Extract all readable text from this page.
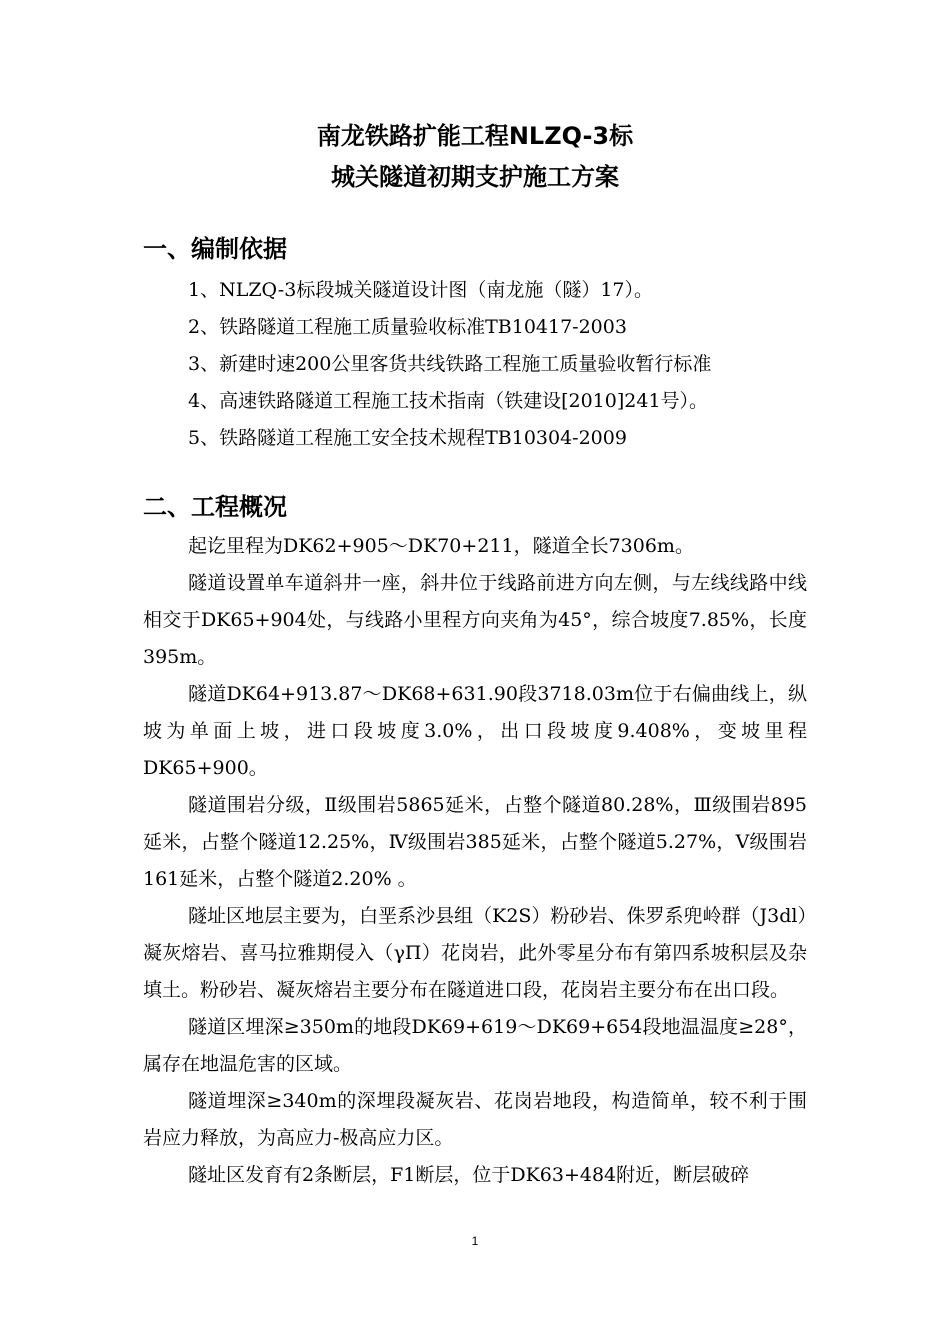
南龙铁路扩能工程NLZQ-3标
城关隧道初期支护施工方案
一、编制依据
1、NLZQ-3标段城关隧道设计图（南龙施（隧）17）。
2、铁路隧道工程施工质量验收标准TB10417-2003
3、新建时速200公里客货共线铁路工程施工质量验收暂行标准
4、高速铁路隧道工程施工技术指南（铁建设[2010]241号）。
5、铁路隧道工程施工安全技术规程TB10304-2009
二、工程概况

起讫里程为DK62+905～DK70+211，隧道全长7306m。

隧道设置单车道斜井一座，斜井位于线路前进方向左侧，与左线线路中线相交于DK65+904处，与线路小里程方向夹角为45°，综合坡度7.85%，长度395m。

隧道DK64+913.87～DK68+631.90段3718.03m位于右偏曲线上，纵坡为单面上坡，进口段坡度3.0%，出口段坡度9.408%，变坡里程DK65+900。

隧道围岩分级，Ⅱ级围岩5865延米，占整个隧道80.28%，Ⅲ级围岩895延米，占整个隧道12.25%，Ⅳ级围岩385延米，占整个隧道5.27%，Ⅴ级围岩161延米，占整个隧道2.20% 。

隧址区地层主要为，白垩系沙县组（K2S）粉砂岩、侏罗系兜岭群（J3dl）凝灰熔岩、喜马拉雅期侵入（γΠ）花岗岩，此外零星分布有第四系坡积层及杂填土。粉砂岩、凝灰熔岩主要分布在隧道进口段，花岗岩主要分布在出口段。

隧道区埋深≥350m的地段DK69+619～DK69+654段地温温度≥28°，属存在地温危害的区域。

隧道埋深≥340m的深埋段凝灰岩、花岗岩地段，构造简单，较不利于围岩应力释放，为高应力-极高应力区。

隧址区发育有2条断层，F1断层，位于DK63+484附近，断层破碎

1
